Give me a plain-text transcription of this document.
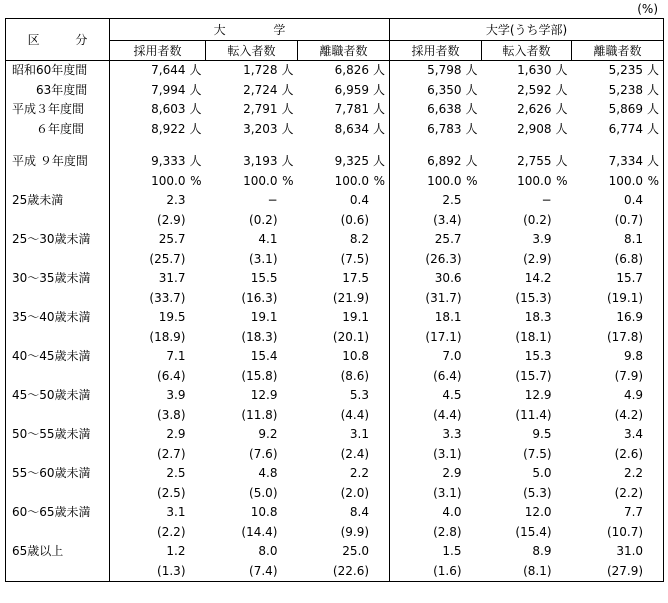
(%)
区 分	大 学			大学(うち学部)		
	採用者数	転入者数	離職者数	採用者数	転入者数	離職者数
昭和60年度間	7,644 人	1,728 人	6,826 人	5,798 人	1,630 人	5,235 人
63年度間	7,994 人	2,724 人	6,959 人	6,350 人	2,592 人	5,238 人
平成３年度間	8,603 人	2,791 人	7,781 人	6,638 人	2,626 人	5,869 人
６年度間	8,922 人	3,203 人	8,634 人	6,783 人	2,908 人	6,774 人

平成 ９年度間	9,333 人	3,193 人	9,325 人	6,892 人	2,755 人	7,334 人
	100.0 %	100.0 %	100.0 %	100.0 %	100.0 %	100.0 %
25歳未満	2.3	−	0.4	2.5	−	0.4
	(2.9)	(0.2)	(0.6)	(3.4)	(0.2)	(0.7)
25～30歳未満	25.7	4.1	8.2	25.7	3.9	8.1
	(25.7)	(3.1)	(7.5)	(26.3)	(2.9)	(6.8)
30～35歳未満	31.7	15.5	17.5	30.6	14.2	15.7
	(33.7)	(16.3)	(21.9)	(31.7)	(15.3)	(19.1)
35～40歳未満	19.5	19.1	19.1	18.1	18.3	16.9
	(18.9)	(18.3)	(20.1)	(17.1)	(18.1)	(17.8)
40～45歳未満	7.1	15.4	10.8	7.0	15.3	9.8
	(6.4)	(15.8)	(8.6)	(6.4)	(15.7)	(7.9)
45～50歳未満	3.9	12.9	5.3	4.5	12.9	4.9
	(3.8)	(11.8)	(4.4)	(4.4)	(11.4)	(4.2)
50～55歳未満	2.9	9.2	3.1	3.3	9.5	3.4
	(2.7)	(7.6)	(2.4)	(3.1)	(7.5)	(2.6)
55～60歳未満	2.5	4.8	2.2	2.9	5.0	2.2
	(2.5)	(5.0)	(2.0)	(3.1)	(5.3)	(2.2)
60～65歳未満	3.1	10.8	8.4	4.0	12.0	7.7
	(2.2)	(14.4)	(9.9)	(2.8)	(15.4)	(10.7)
65歳以上	1.2	8.0	25.0	1.5	8.9	31.0
	(1.3)	(7.4)	(22.6)	(1.6)	(8.1)	(27.9)
